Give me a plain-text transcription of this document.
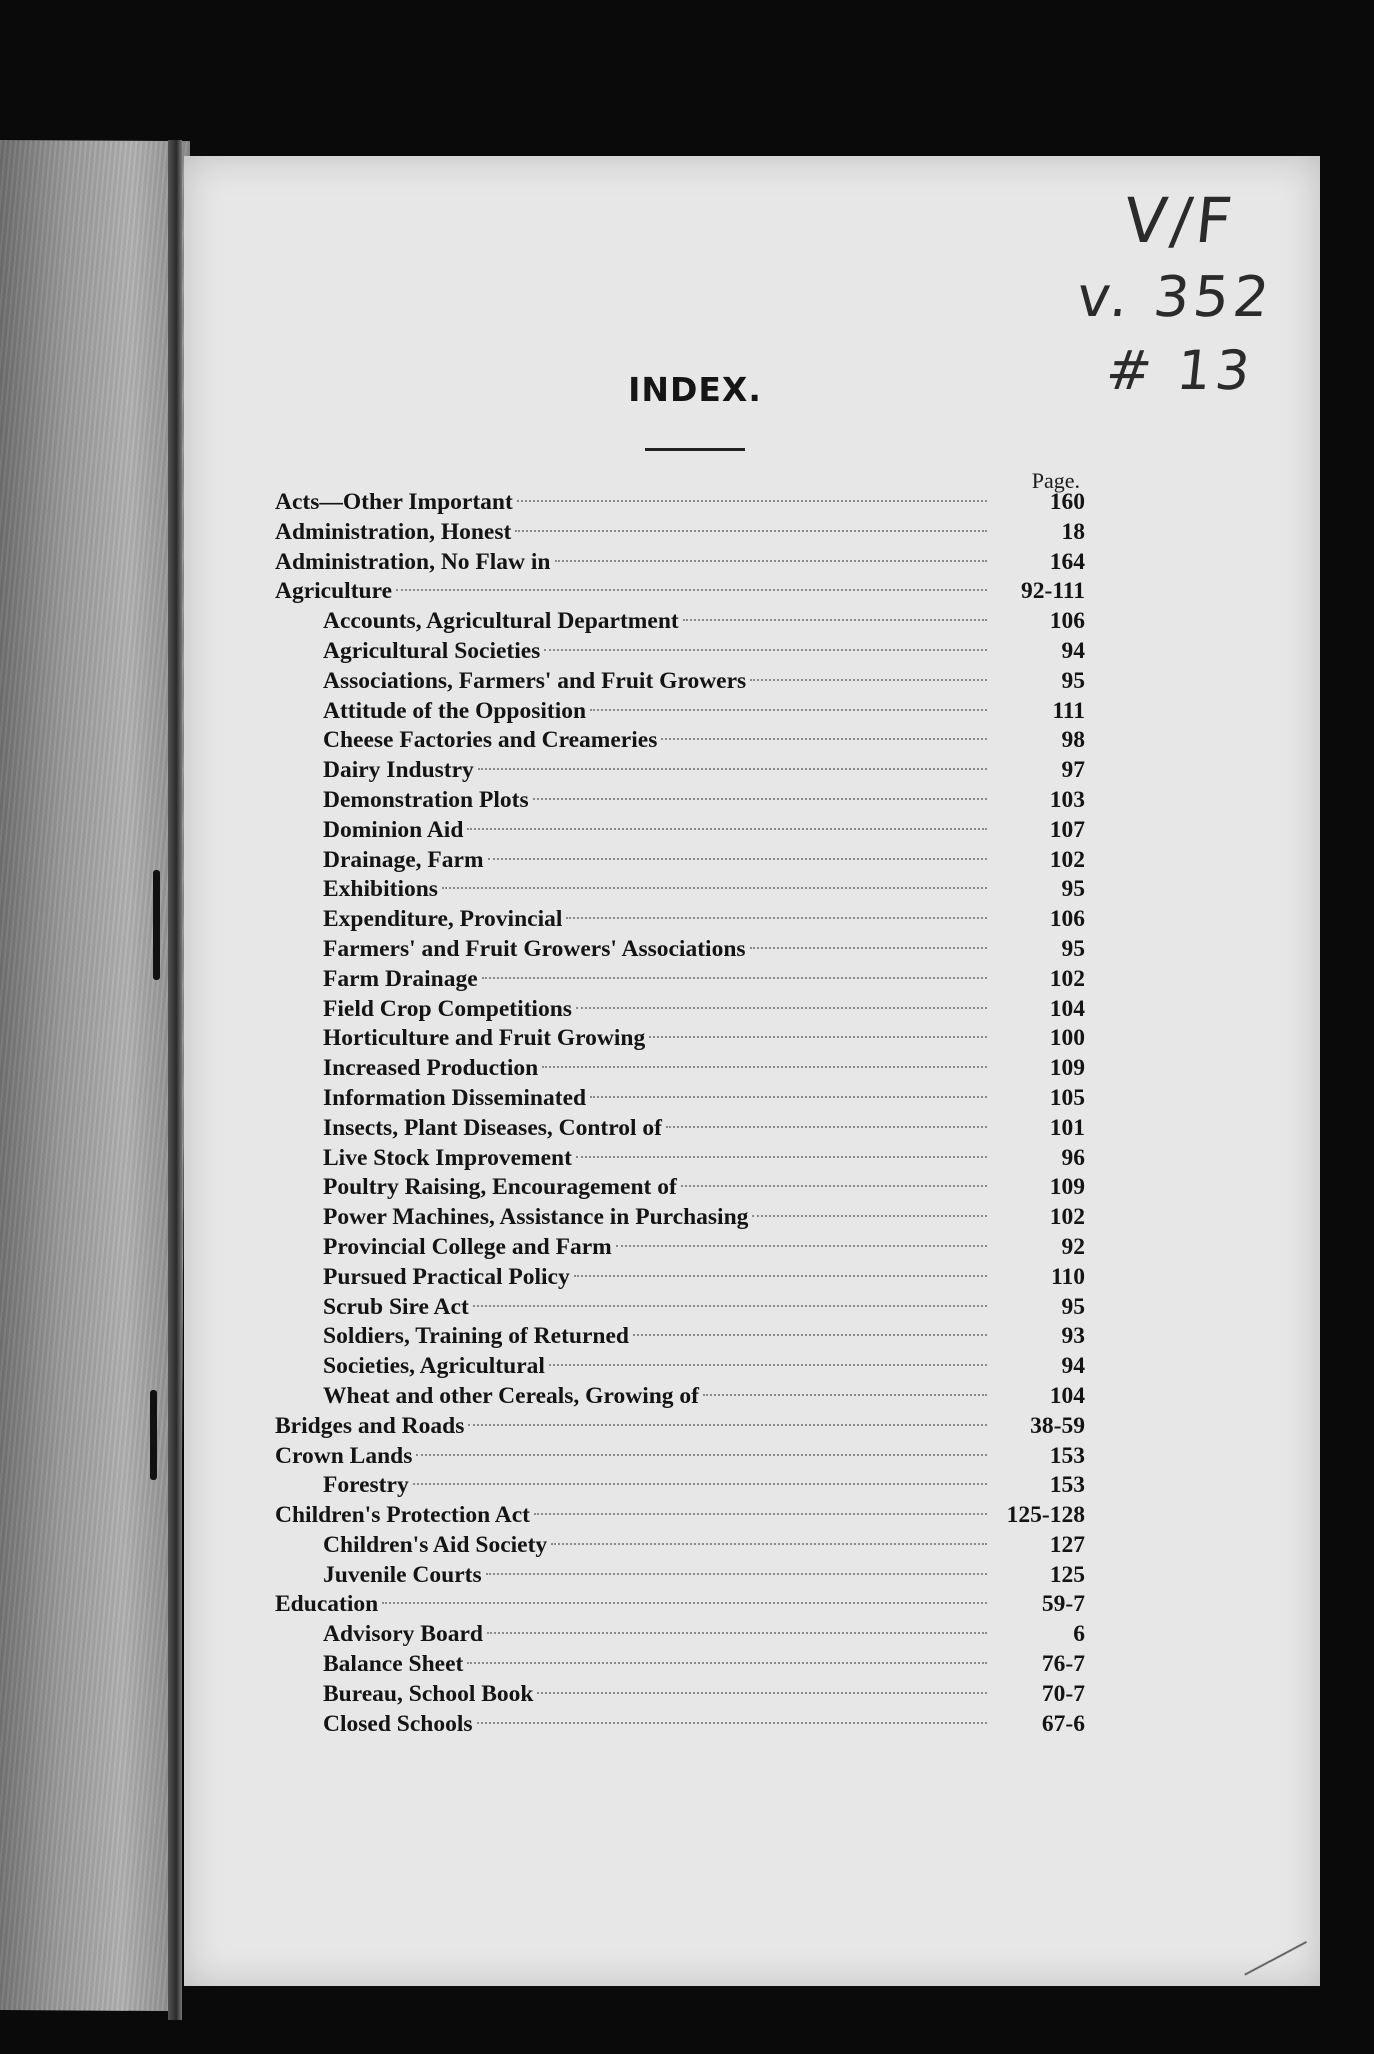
V/F
v. 352
# 13
INDEX.
Page.
Acts—Other Important	160
Administration, Honest	18
Administration, No Flaw in	164
Agriculture	92-111
Accounts, Agricultural Department	106
Agricultural Societies	94
Associations, Farmers' and Fruit Growers	95
Attitude of the Opposition	111
Cheese Factories and Creameries	98
Dairy Industry	97
Demonstration Plots	103
Dominion Aid	107
Drainage, Farm	102
Exhibitions	95
Expenditure, Provincial	106
Farmers' and Fruit Growers' Associations	95
Farm Drainage	102
Field Crop Competitions	104
Horticulture and Fruit Growing	100
Increased Production	109
Information Disseminated	105
Insects, Plant Diseases, Control of	101
Live Stock Improvement	96
Poultry Raising, Encouragement of	109
Power Machines, Assistance in Purchasing	102
Provincial College and Farm	92
Pursued Practical Policy	110
Scrub Sire Act	95
Soldiers, Training of Returned	93
Societies, Agricultural	94
Wheat and other Cereals, Growing of	104
Bridges and Roads	38-59
Crown Lands	153
Forestry	153
Children's Protection Act	125-128
Children's Aid Society	127
Juvenile Courts	125
Education	59-7
Advisory Board	6
Balance Sheet	76-7
Bureau, School Book	70-7
Closed Schools	67-6
